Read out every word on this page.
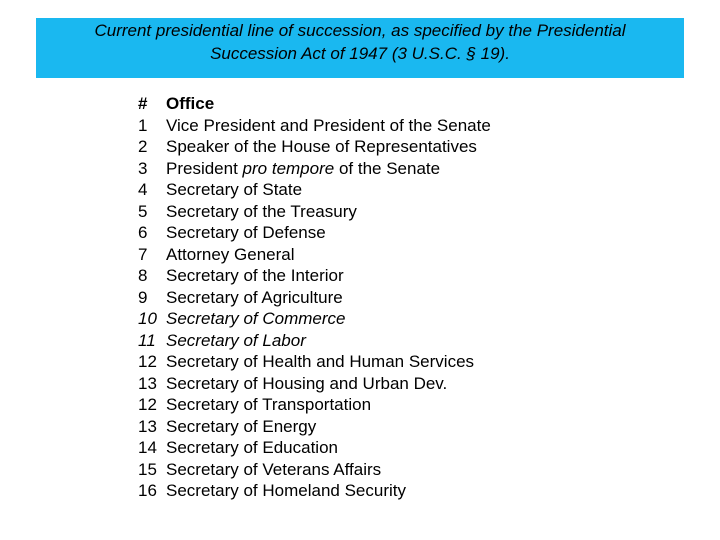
Current presidential line of succession, as specified by the Presidential

Succession Act of 1947 (3 U.S.C. § 19).

#	Office
1	Vice President and President of the Senate
2	Speaker of the House of Representatives
3	President pro tempore of the Senate
4	Secretary of State
5	Secretary of the Treasury
6	Secretary of Defense
7	Attorney General
8	Secretary of the Interior
9	Secretary of Agriculture
10 Secretary of Commerce
11 Secretary of Labor
12 Secretary of Health and Human Services
13 Secretary of Housing and Urban Dev.
12 Secretary of Transportation
13 Secretary of Energy
14 Secretary of Education
15 Secretary of Veterans Affairs
16 Secretary of Homeland Security
